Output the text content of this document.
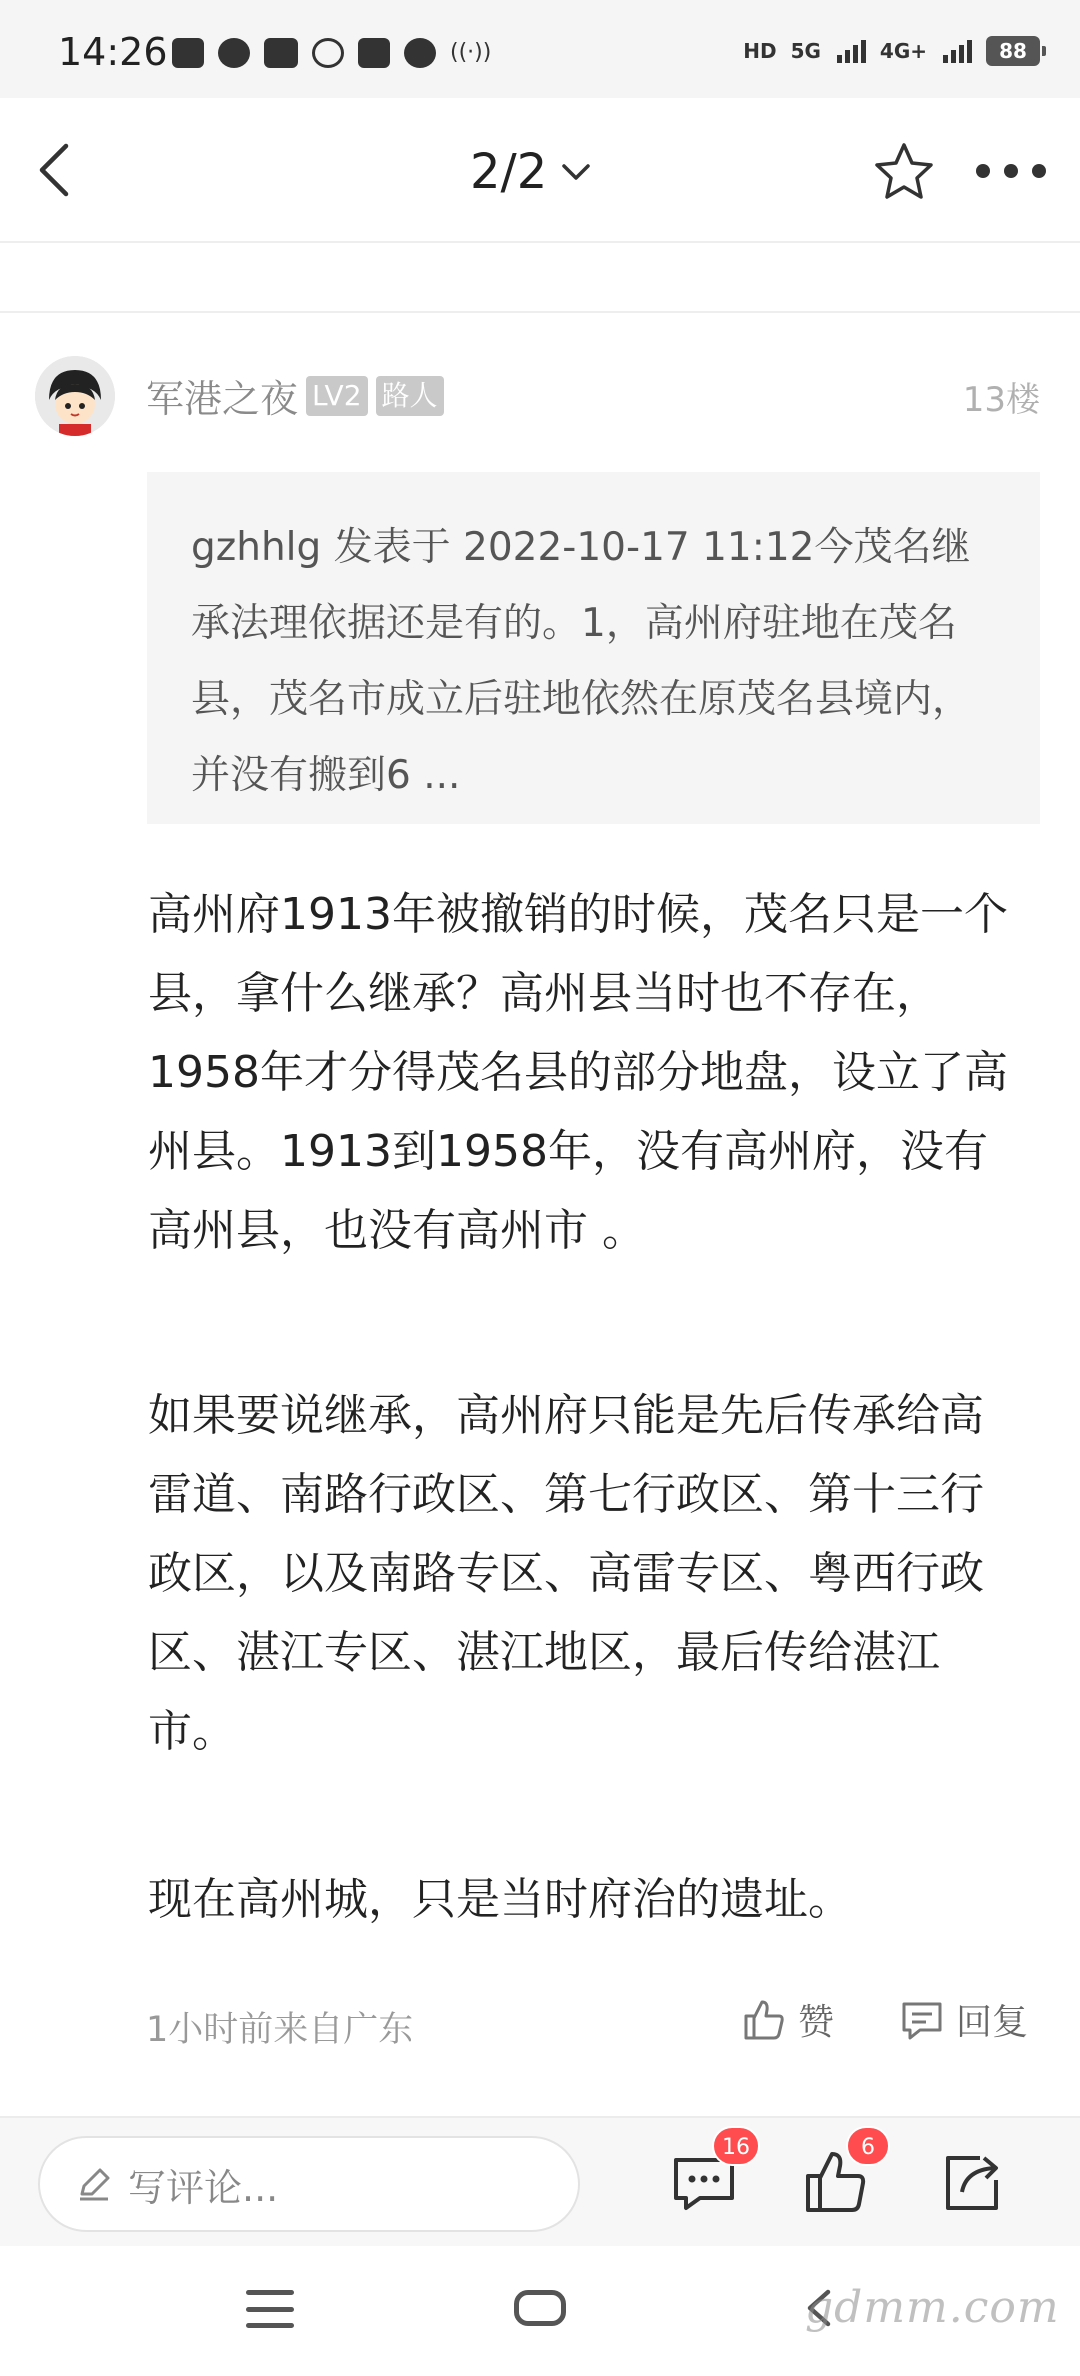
14:26	((·))	HD 5G	4G+	88
2/2
军港之夜 LV2 路人	13楼
gzhhlg 发表于 2022-10-17 11:12今茂名继承法理依据还是有的。1，高州府驻地在茂名县，茂名市成立后驻地依然在原茂名县境内，并没有搬到6 ...
高州府1913年被撤销的时候，茂名只是一个县，拿什么继承？高州县当时也不存在，1958年才分得茂名县的部分地盘，设立了高州县。1913到1958年，没有高州府，没有高州县，也没有高州市 。
如果要说继承，高州府只能是先后传承给高雷道、南路行政区、第七行政区、第十三行政区，以及南路专区、高雷专区、粤西行政区、湛江专区、湛江地区，最后传给湛江市。
现在高州城，只是当时府治的遗址。
1小时前来自广东	赞	回复
写评论...
16	6
gdmm.com
